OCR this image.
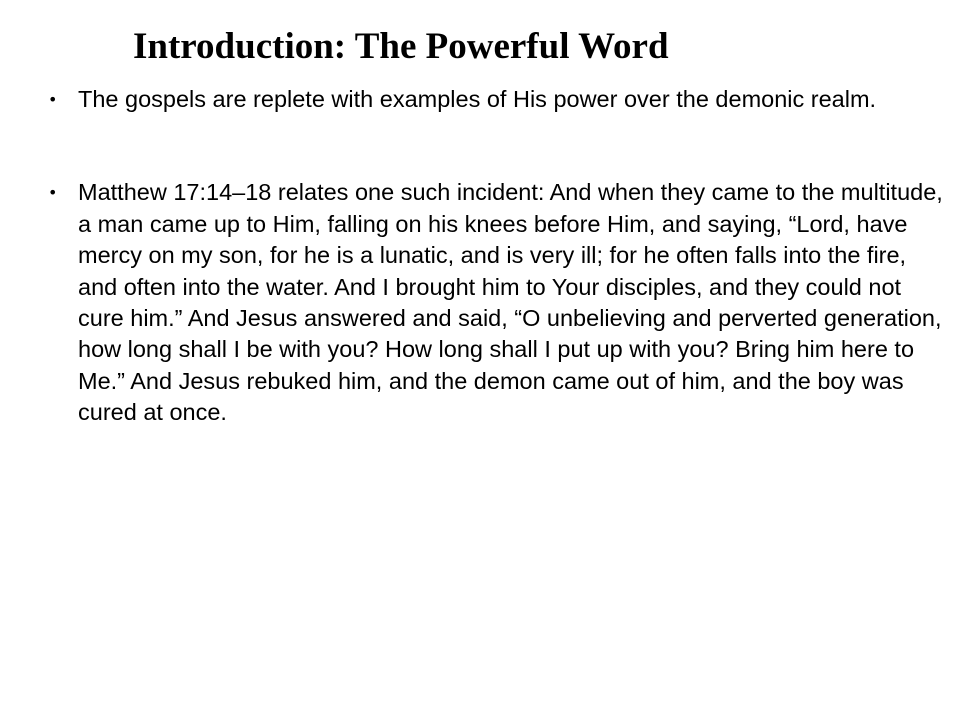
Introduction: The Powerful Word
• The gospels are replete with examples of His power over the demonic realm.
• Matthew 17:14–18 relates one such incident: And when they came to the multitude, a man came up to Him, falling on his knees before Him, and saying, “Lord, have mercy on my son, for he is a lunatic, and is very ill; for he often falls into the fire, and often into the water. And I brought him to Your disciples, and they could not cure him.” And Jesus answered and said, “O unbelieving and perverted generation, how long shall I be with you? How long shall I put up with you? Bring him here to Me.” And Jesus rebuked him, and the demon came out of him, and the boy was cured at once.
